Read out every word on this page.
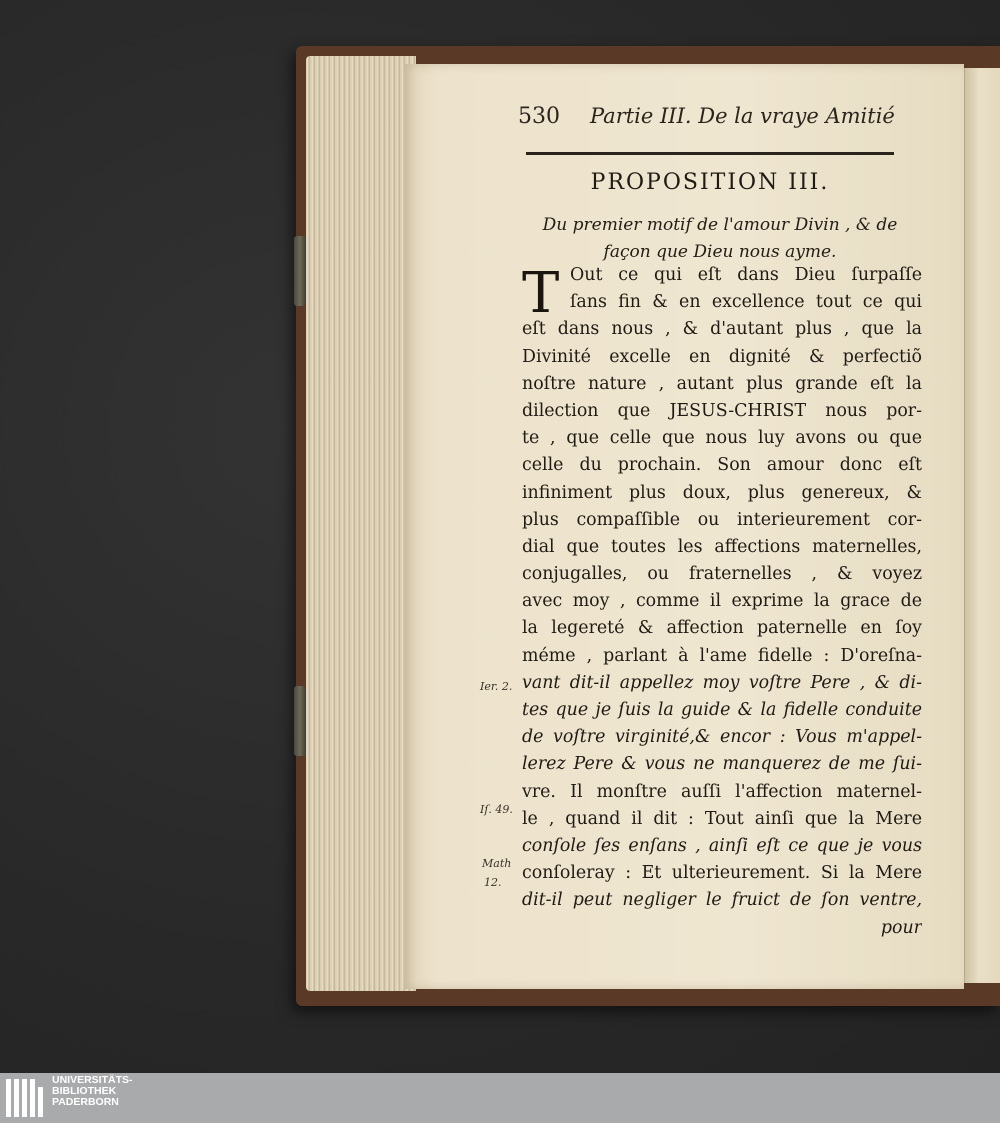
530 Partie III. De la vraye Amitié
PROPOSITION III.
Du premier motif de l'amour Divin , & de
façon que Dieu nous ayme.
T Out ce qui eſt dans Dieu ſurpaſſe
ſans fin & en excellence tout ce qui
eſt dans nous , & d'autant plus , que la
Divinité excelle en dignité & perfectiõ
noſtre nature , autant plus grande eſt la
dilection que JESUS-CHRIST nous por-
te , que celle que nous luy avons ou que
celle du prochain. Son amour donc eſt
infiniment plus doux, plus genereux, &
plus compaſſible ou interieurement cor-
dial que toutes les affections maternelles,
conjugalles, ou fraternelles , & voyez
avec moy , comme il exprime la grace de
la legereté & affection paternelle en ſoy
méme , parlant à l'ame fidelle : D'oreſna-
vant dit-il appellez moy voſtre Pere , & di-
tes que je ſuis la guide & la fidelle conduite
de voſtre virginité,& encor : Vous m'appel-
lerez Pere & vous ne manquerez de me ſui-
vre. Il monſtre auſſi l'affection maternel-
le , quand il dit : Tout ainſi que la Mere
conſole ſes enſans , ainſi eſt ce que je vous
conſoleray : Et ulterieurement. Si la Mere
dit-il peut negliger le fruict de ſon ventre,
pour
Ier. 2.
Iſ. 49.
Math
12.
UNIVERSITÄTS-
BIBLIOTHEK
PADERBORN
